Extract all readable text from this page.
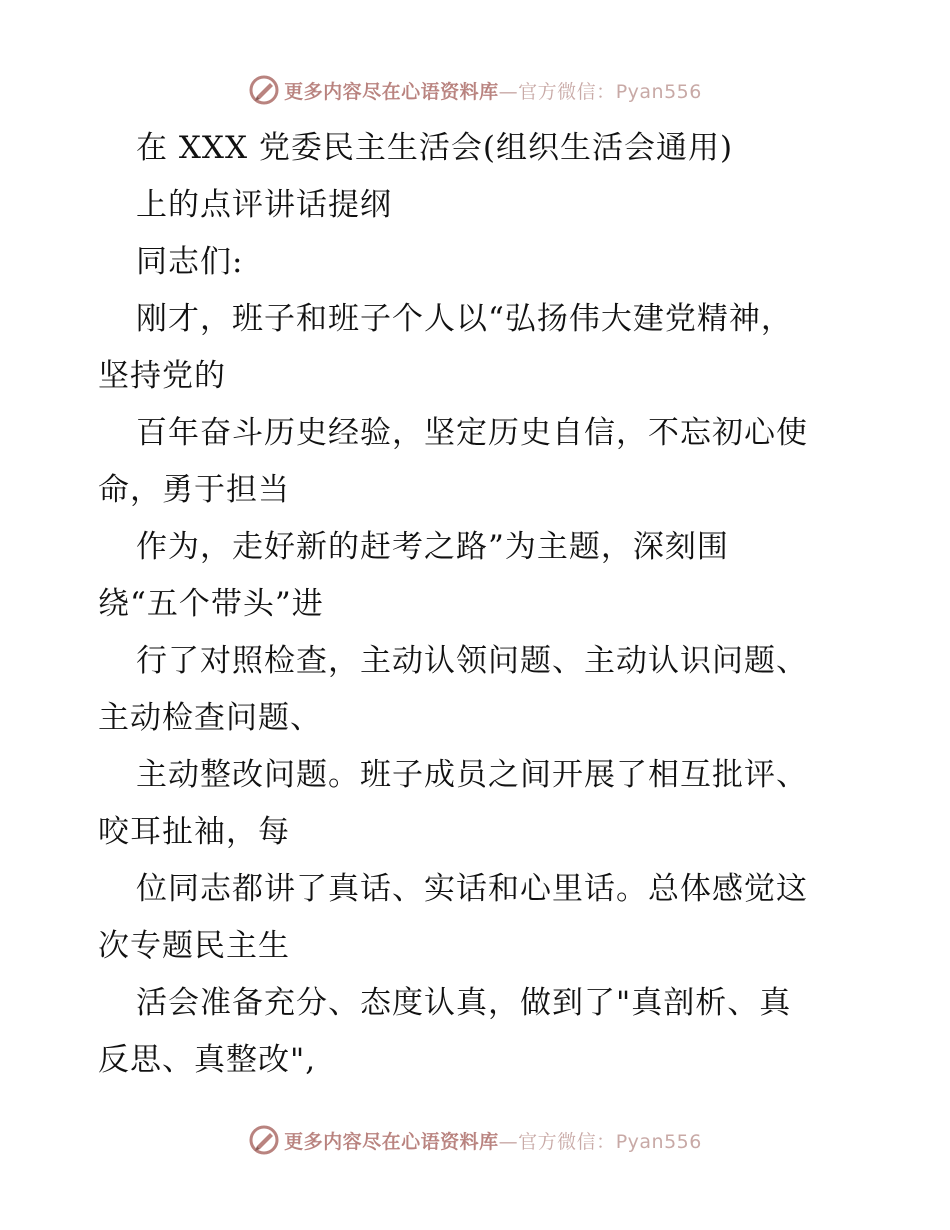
更多内容尽在心语资料库—官方微信：Pyan556
在 XXX 党委民主生活会(组织生活会通用)
上的点评讲话提纲
同志们:
刚才，班子和班子个人以“弘扬伟大建党精神，
坚持党的
百年奋斗历史经验，坚定历史自信，不忘初心使
命，勇于担当
作为，走好新的赶考之路”为主题，深刻围
绕“五个带头”进
行了对照检查，主动认领问题、主动认识问题、
主动检查问题、
主动整改问题。班子成员之间开展了相互批评、
咬耳扯袖，每
位同志都讲了真话、实话和心里话。总体感觉这
次专题民主生
活会准备充分、态度认真，做到了"真剖析、真
反思、真整改",
更多内容尽在心语资料库—官方微信：Pyan556
